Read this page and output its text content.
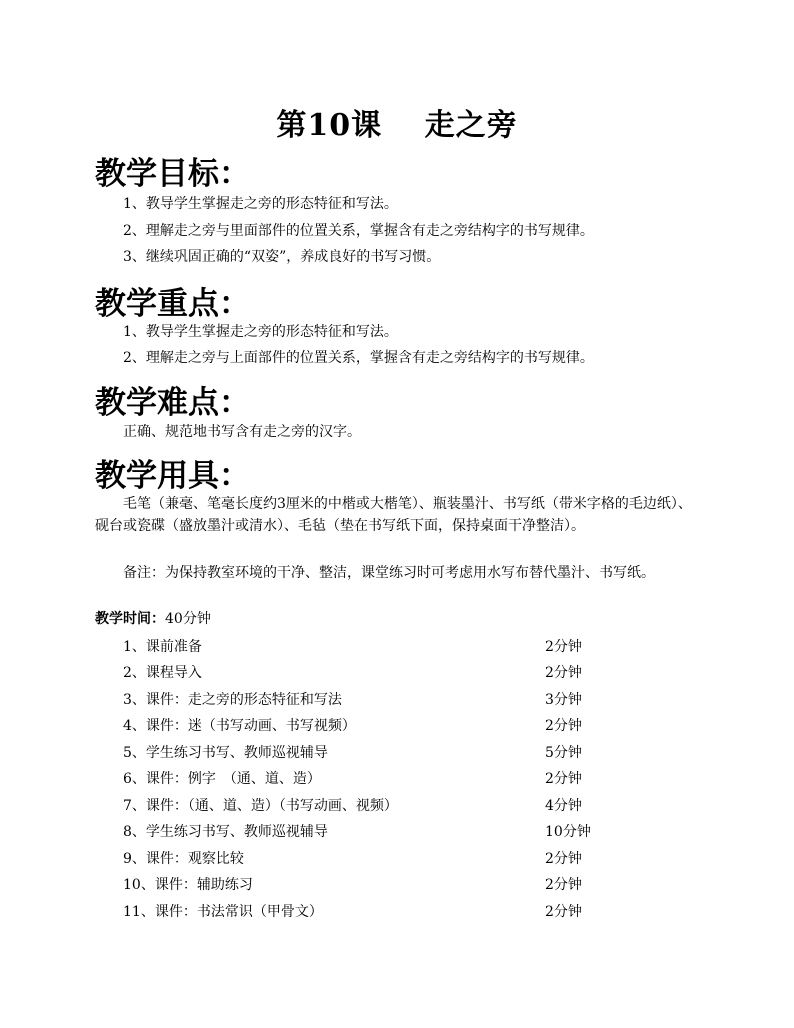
第10课　 走之旁
教学目标：
1、教导学生掌握走之旁的形态特征和写法。
2、理解走之旁与里面部件的位置关系，掌握含有走之旁结构字的书写规律。
3、继续巩固正确的“双姿”，养成良好的书写习惯。
教学重点：
1、教导学生掌握走之旁的形态特征和写法。
2、理解走之旁与上面部件的位置关系，掌握含有走之旁结构字的书写规律。
教学难点：
正确、规范地书写含有走之旁的汉字。
教学用具：
毛笔（兼毫、笔毫长度约3厘米的中楷或大楷笔）、瓶装墨汁、书写纸（带米字格的毛边纸）、砚台或瓷碟（盛放墨汁或清水）、毛毡（垫在书写纸下面，保持桌面干净整洁）。
备注：为保持教室环境的干净、整洁，课堂练习时可考虑用水写布替代墨汁、书写纸。
教学时间：40分钟
1、课前准备	2分钟
2、课程导入	2分钟
3、课件：走之旁的形态特征和写法	3分钟
4、课件：迷（书写动画、书写视频）	2分钟
5、学生练习书写、教师巡视辅导	5分钟
6、课件：例字　（通、道、造）	2分钟
7、课件：（通、道、造）（书写动画、视频）	4分钟
8、学生练习书写、教师巡视辅导	10分钟
9、课件：观察比较	2分钟
10、课件：辅助练习	2分钟
11、课件：书法常识（甲骨文）	2分钟
